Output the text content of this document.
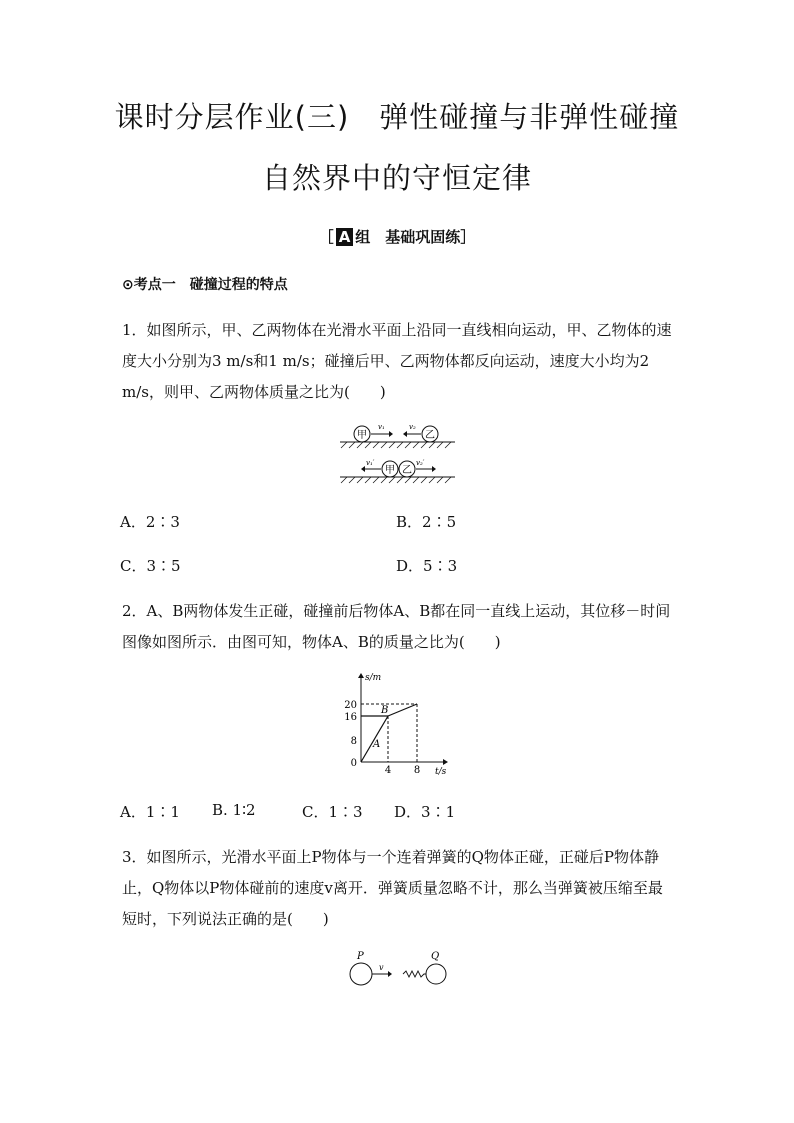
课时分层作业(三)　弹性碰撞与非弹性碰撞
自然界中的守恒定律
［ A 组　基础巩固练］
⊙考点一　碰撞过程的特点
1．如图所示，甲、乙两物体在光滑水平面上沿同一直线相向运动，甲、乙物体的速度大小分别为3 m/s和1 m/s；碰撞后甲、乙两物体都反向运动，速度大小均为2 m/s，则甲、乙两物体质量之比为(　　)
甲
v₁
乙
v₂
甲
v₁′
乙
v₂′
A．2∶3	B．2∶5
C．3∶5	D．5∶3
2．A、B两物体发生正碰，碰撞前后物体A、B都在同一直线上运动，其位移－时间图像如图所示．由图可知，物体A、B的质量之比为(　　)
s/m
t/s
0
8
16
20
4 8
A
B
A．1∶1 B. 1∶2	C．1∶3 D．3∶1
3．如图所示，光滑水平面上P物体与一个连着弹簧的Q物体正碰，正碰后P物体静止，Q物体以P物体碰前的速度v离开．弹簧质量忽略不计，那么当弹簧被压缩至最短时，下列说法正确的是(　　)
P
v
Q
